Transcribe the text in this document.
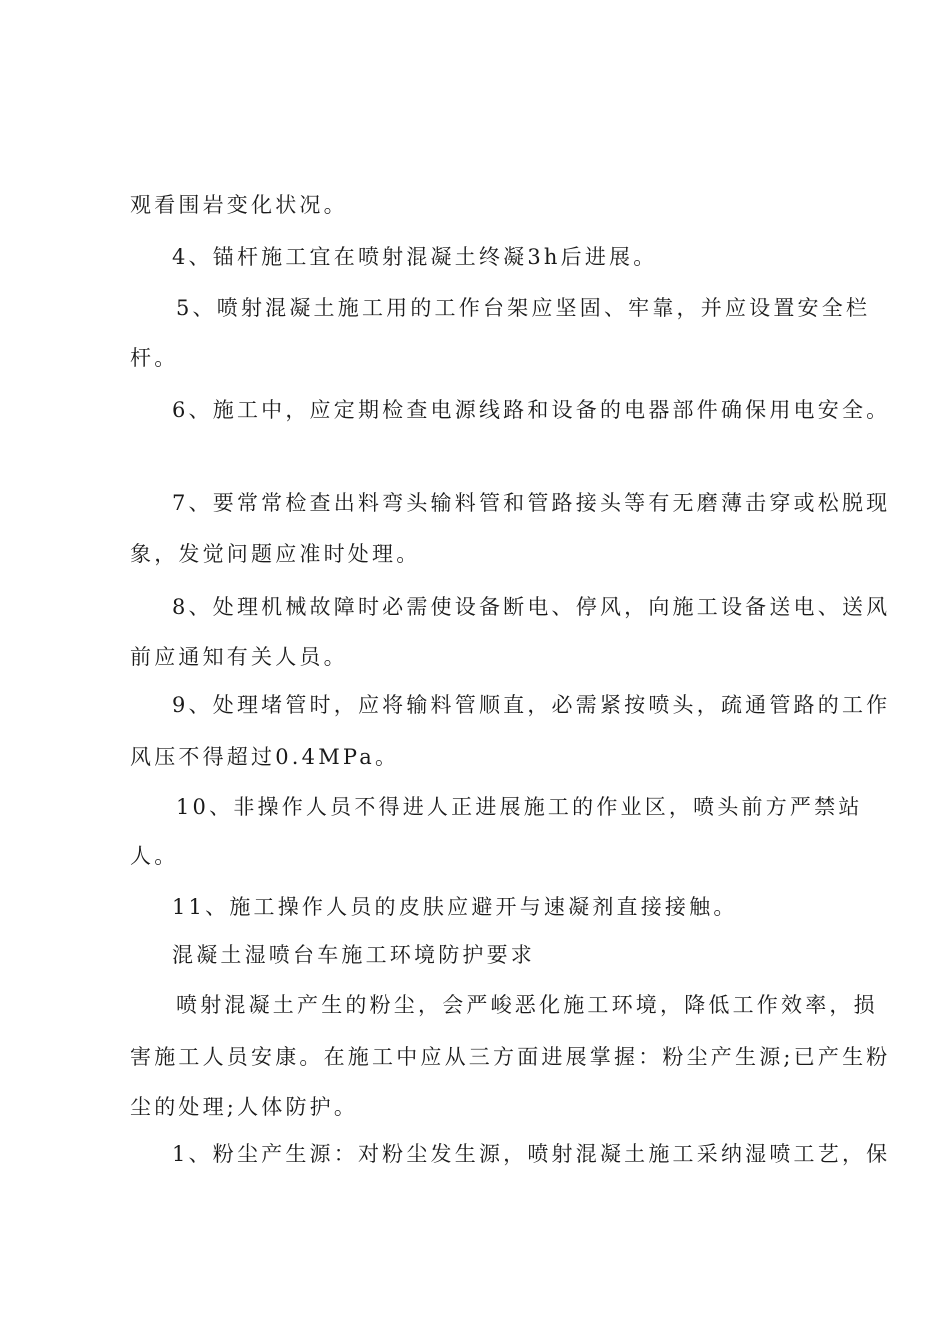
观看围岩变化状况。
4、锚杆施工宜在喷射混凝土终凝3h后进展。
5、喷射混凝土施工用的工作台架应坚固、牢靠，并应设置安全栏
杆。
6、施工中，应定期检查电源线路和设备的电器部件确保用电安全。
7、要常常检查出料弯头输料管和管路接头等有无磨薄击穿或松脱现
象，发觉问题应准时处理。
8、处理机械故障时必需使设备断电、停风，向施工设备送电、送风
前应通知有关人员。
9、处理堵管时，应将输料管顺直，必需紧按喷头，疏通管路的工作
风压不得超过0.4MPa。
10、非操作人员不得进人正进展施工的作业区，喷头前方严禁站
人。
11、施工操作人员的皮肤应避开与速凝剂直接接触。
混凝土湿喷台车施工环境防护要求
喷射混凝土产生的粉尘，会严峻恶化施工环境，降低工作效率，损
害施工人员安康。在施工中应从三方面进展掌握：粉尘产生源;已产生粉
尘的处理;人体防护。
1、粉尘产生源：对粉尘发生源，喷射混凝土施工采纳湿喷工艺，保
